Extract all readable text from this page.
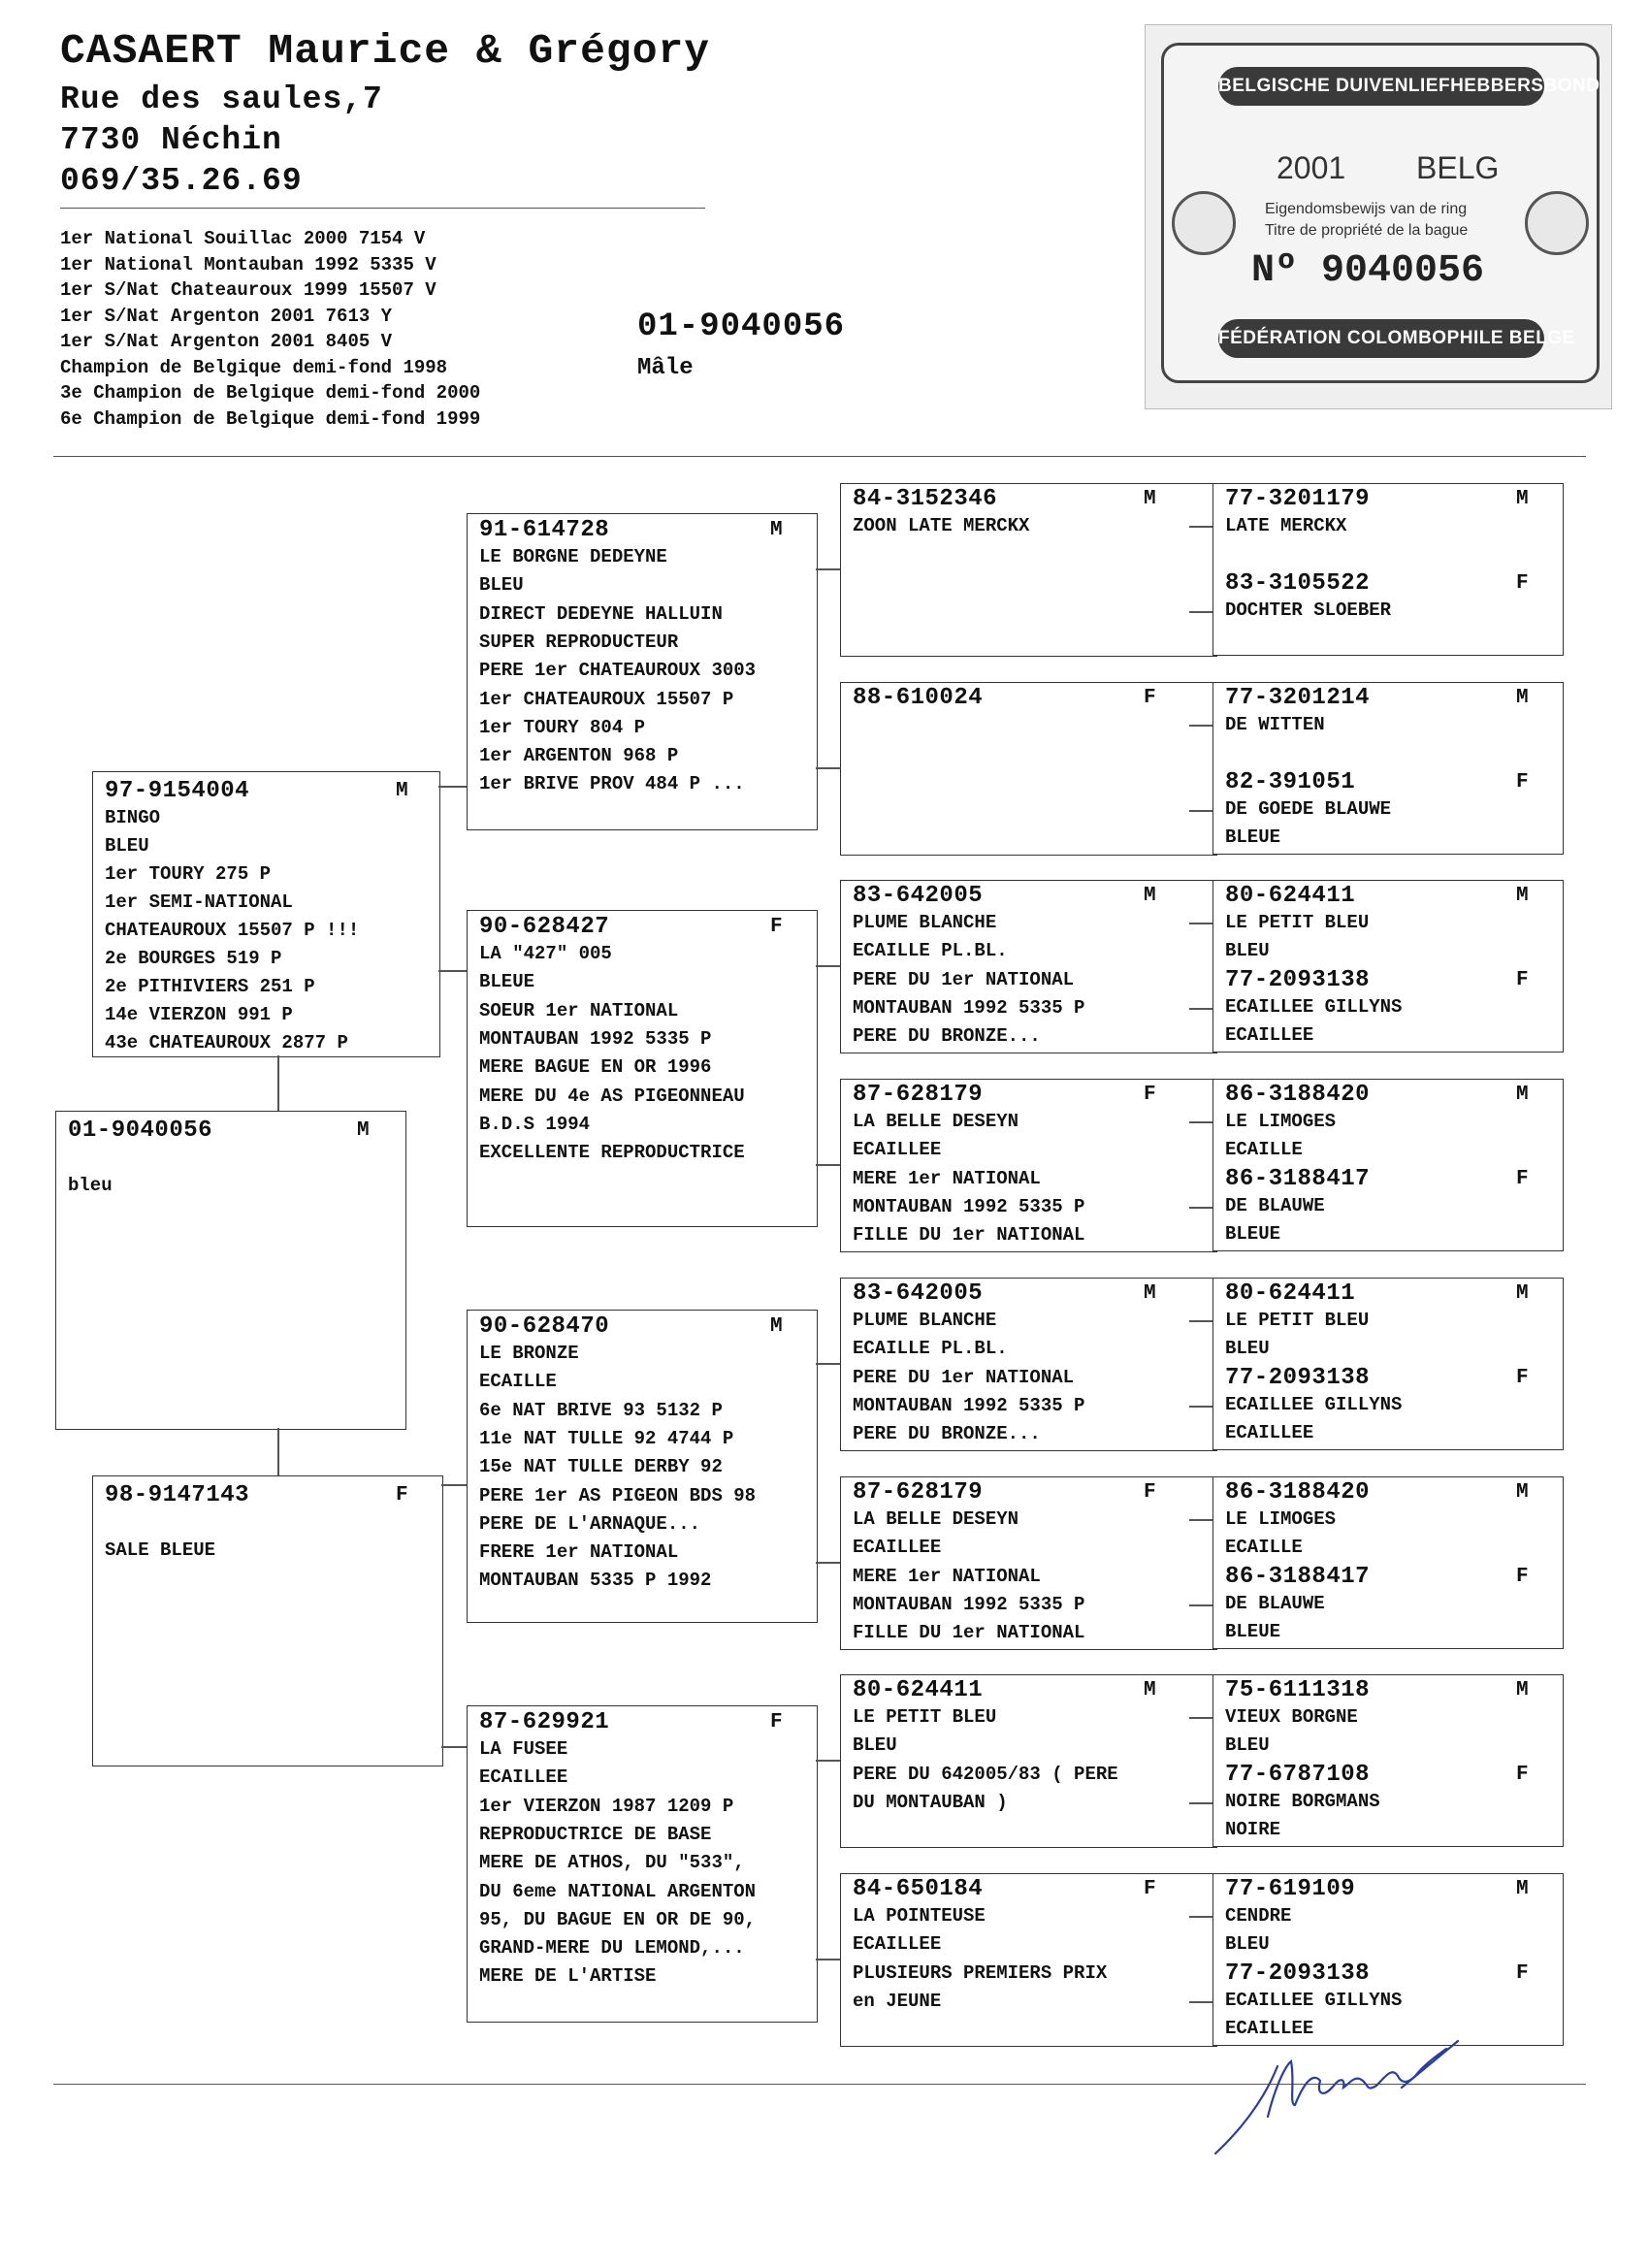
CASAERT Maurice & Grégory
Rue des saules,7
7730 Néchin
069/35.26.69
1er National Souillac 2000 7154 V
1er National Montauban 1992 5335 V
1er S/Nat Chateauroux 1999 15507 V
1er S/Nat Argenton 2001 7613 Y
1er S/Nat Argenton 2001 8405 V
Champion de Belgique demi-fond 1998
3e Champion de Belgique demi-fond 2000
6e Champion de Belgique demi-fond 1999
01-9040056
Mâle
BELGISCHE DUIVENLIEFHEBBERSBOND
2001 BELG
Eigendomsbewijs van de ring
Titre de propriété de la bague
Nº 9040056
FÉDÉRATION COLOMBOPHILE BELGE
01-9040056	M
bleu
97-9154004	M
BINGO
BLEU
1er TOURY 275 P
1er SEMI-NATIONAL
CHATEAUROUX 15507 P !!!
2e BOURGES 519 P
2e PITHIVIERS 251 P
14e VIERZON 991 P
43e CHATEAUROUX 2877 P
98-9147143	F
SALE BLEUE
91-614728	M
LE BORGNE DEDEYNE
BLEU
DIRECT DEDEYNE HALLUIN
SUPER REPRODUCTEUR
PERE 1er CHATEAUROUX 3003
1er CHATEAUROUX 15507 P
1er TOURY 804 P
1er ARGENTON 968 P
1er BRIVE PROV 484 P ...
90-628427	F
LA "427" 005
BLEUE
SOEUR 1er NATIONAL
MONTAUBAN 1992 5335 P
MERE BAGUE EN OR 1996
MERE DU 4e AS PIGEONNEAU
B.D.S 1994
EXCELLENTE REPRODUCTRICE
90-628470	M
LE BRONZE
ECAILLE
6e NAT BRIVE 93 5132 P
11e NAT TULLE 92 4744 P
15e NAT TULLE DERBY 92
PERE 1er AS PIGEON BDS 98
PERE DE L'ARNAQUE...
FRERE 1er NATIONAL
MONTAUBAN 5335 P 1992
87-629921	F
LA FUSEE
ECAILLEE
1er VIERZON 1987 1209 P
REPRODUCTRICE DE BASE
MERE DE ATHOS, DU "533",
DU 6eme NATIONAL ARGENTON
95, DU BAGUE EN OR DE 90,
GRAND-MERE DU LEMOND,...
MERE DE L'ARTISE
84-3152346	M
ZOON LATE MERCKX
88-610024	F
83-642005	M
PLUME BLANCHE
ECAILLE PL.BL.
PERE DU 1er NATIONAL
MONTAUBAN 1992 5335 P
PERE DU BRONZE...
87-628179	F
LA BELLE DESEYN
ECAILLEE
MERE 1er NATIONAL
MONTAUBAN 1992 5335 P
FILLE DU 1er NATIONAL
83-642005	M
PLUME BLANCHE
ECAILLE PL.BL.
PERE DU 1er NATIONAL
MONTAUBAN 1992 5335 P
PERE DU BRONZE...
87-628179	F
LA BELLE DESEYN
ECAILLEE
MERE 1er NATIONAL
MONTAUBAN 1992 5335 P
FILLE DU 1er NATIONAL
80-624411	M
LE PETIT BLEU
BLEU
PERE DU 642005/83 ( PERE
DU MONTAUBAN )
84-650184	F
LA POINTEUSE
ECAILLEE
PLUSIEURS PREMIERS PRIX
en JEUNE
77-3201179	M
LATE MERCKX
83-3105522	F
DOCHTER SLOEBER
77-3201214	M
DE WITTEN
82-391051	F
DE GOEDE BLAUWE
BLEUE
80-624411	M
LE PETIT BLEU
BLEU
77-2093138	F
ECAILLEE GILLYNS
ECAILLEE
86-3188420	M
LE LIMOGES
ECAILLE
86-3188417	F
DE BLAUWE
BLEUE
80-624411	M
LE PETIT BLEU
BLEU
77-2093138	F
ECAILLEE GILLYNS
ECAILLEE
86-3188420	M
LE LIMOGES
ECAILLE
86-3188417	F
DE BLAUWE
BLEUE
75-6111318	M
VIEUX BORGNE
BLEU
77-6787108	F
NOIRE BORGMANS
NOIRE
77-619109	M
CENDRE
BLEU
77-2093138	F
ECAILLEE GILLYNS
ECAILLEE
